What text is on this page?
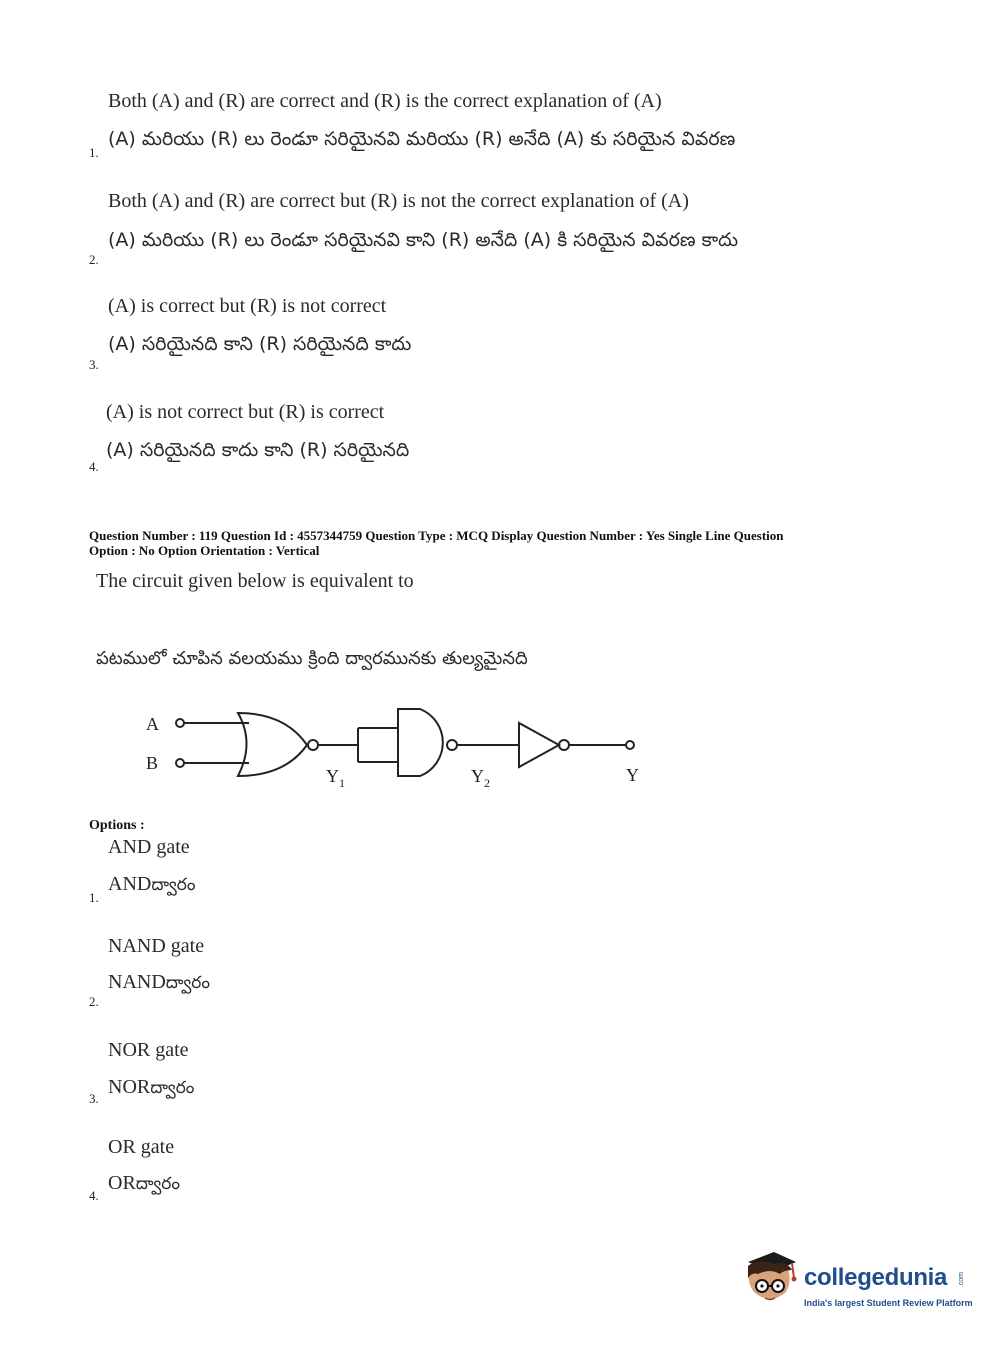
Both (A) and (R) are correct and (R) is the correct explanation of (A)
(A) మరియు (R) లు రెండూ సరియైనవి మరియు (R) అనేది (A) కు సరియైన వివరణ
1.
Both (A) and (R) are correct but (R) is not the correct explanation of (A)
(A) మరియు (R) లు రెండూ సరియైనవి కాని (R) అనేది (A) కి సరియైన వివరణ కాదు
2.
(A) is correct but (R) is not correct
(A) సరియైనది కాని (R) సరియైనది కాదు
3.
(A) is not correct but (R) is correct
(A) సరియైనది కాదు కాని (R) సరియైనది
4.
Question Number : 119 Question Id : 4557344759 Question Type : MCQ Display Question Number : Yes Single Line Question
Option : No Option Orientation : Vertical
The circuit given below is equivalent to
పటములో చూపిన వలయము క్రింది ద్వారమునకు తుల్యమైనది
A
B
Y 1	Y 2	Y
Options :
AND gate
ANDద్వారం
1.
NAND gate
NANDద్వారం
2.
NOR gate
NORద్వారం
3.
OR gate
ORద్వారం
4.
collegedunia .com
India's largest Student Review Platform
